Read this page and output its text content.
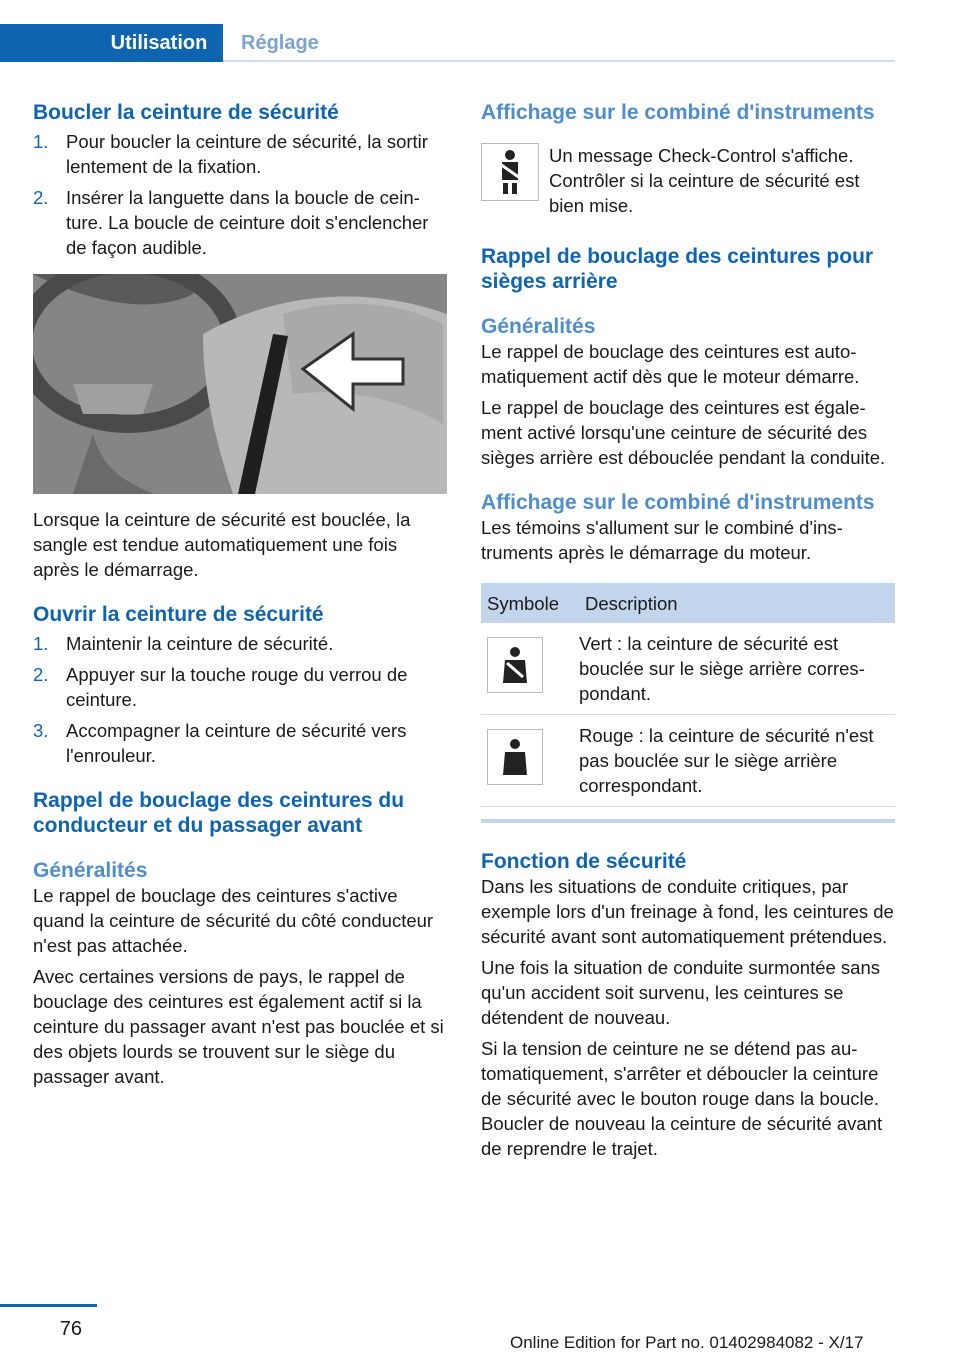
Utilisation	Réglage
Boucler la ceinture de sécurité
1. Pour boucler la ceinture de sécurité, la sortir lentement de la fixation.
2. Insérer la languette dans la boucle de ceinture. La boucle de ceinture doit s'enclencher de façon audible.

Lorsque la ceinture de sécurité est bouclée, la sangle est tendue automatiquement une fois après le démarrage.

Ouvrir la ceinture de sécurité
1. Maintenir la ceinture de sécurité.
2. Appuyer sur la touche rouge du verrou de ceinture.
3. Accompagner la ceinture de sécurité vers l'enrouleur.
Rappel de bouclage des ceintures du conducteur et du passager avant
Généralités

Le rappel de bouclage des ceintures s'active quand la ceinture de sécurité du côté conducteur n'est pas attachée.

Avec certaines versions de pays, le rappel de bouclage des ceintures est également actif si la ceinture du passager avant n'est pas bouclée et si des objets lourds se trouvent sur le siège du passager avant.

Affichage sur le combiné d'instruments

Un message Check-Control s'affiche. Contrôler si la ceinture de sécurité est bien mise.

Rappel de bouclage des ceintures pour sièges arrière
Généralités

Le rappel de bouclage des ceintures est automatiquement actif dès que le moteur démarre.

Le rappel de bouclage des ceintures est également activé lorsqu'une ceinture de sécurité des sièges arrière est débouclée pendant la conduite.

Affichage sur le combiné d'instruments

Les témoins s'allument sur le combiné d'instruments après le démarrage du moteur.

Symbole	Description

	Vert : la ceinture de sécurité est bouclée sur le siège arrière correspondant.

	Rouge : la ceinture de sécurité n'est pas bouclée sur le siège arrière correspondant.
Fonction de sécurité

Dans les situations de conduite critiques, par exemple lors d'un freinage à fond, les ceintures de sécurité avant sont automatiquement prétendues.

Une fois la situation de conduite surmontée sans qu'un accident soit survenu, les ceintures se détendent de nouveau.

Si la tension de ceinture ne se détend pas automatiquement, s'arrêter et déboucler la ceinture de sécurité avec le bouton rouge dans la boucle. Boucler de nouveau la ceinture de sécurité avant de reprendre le trajet.

76
Online Edition for Part no. 01402984082 - X/17
